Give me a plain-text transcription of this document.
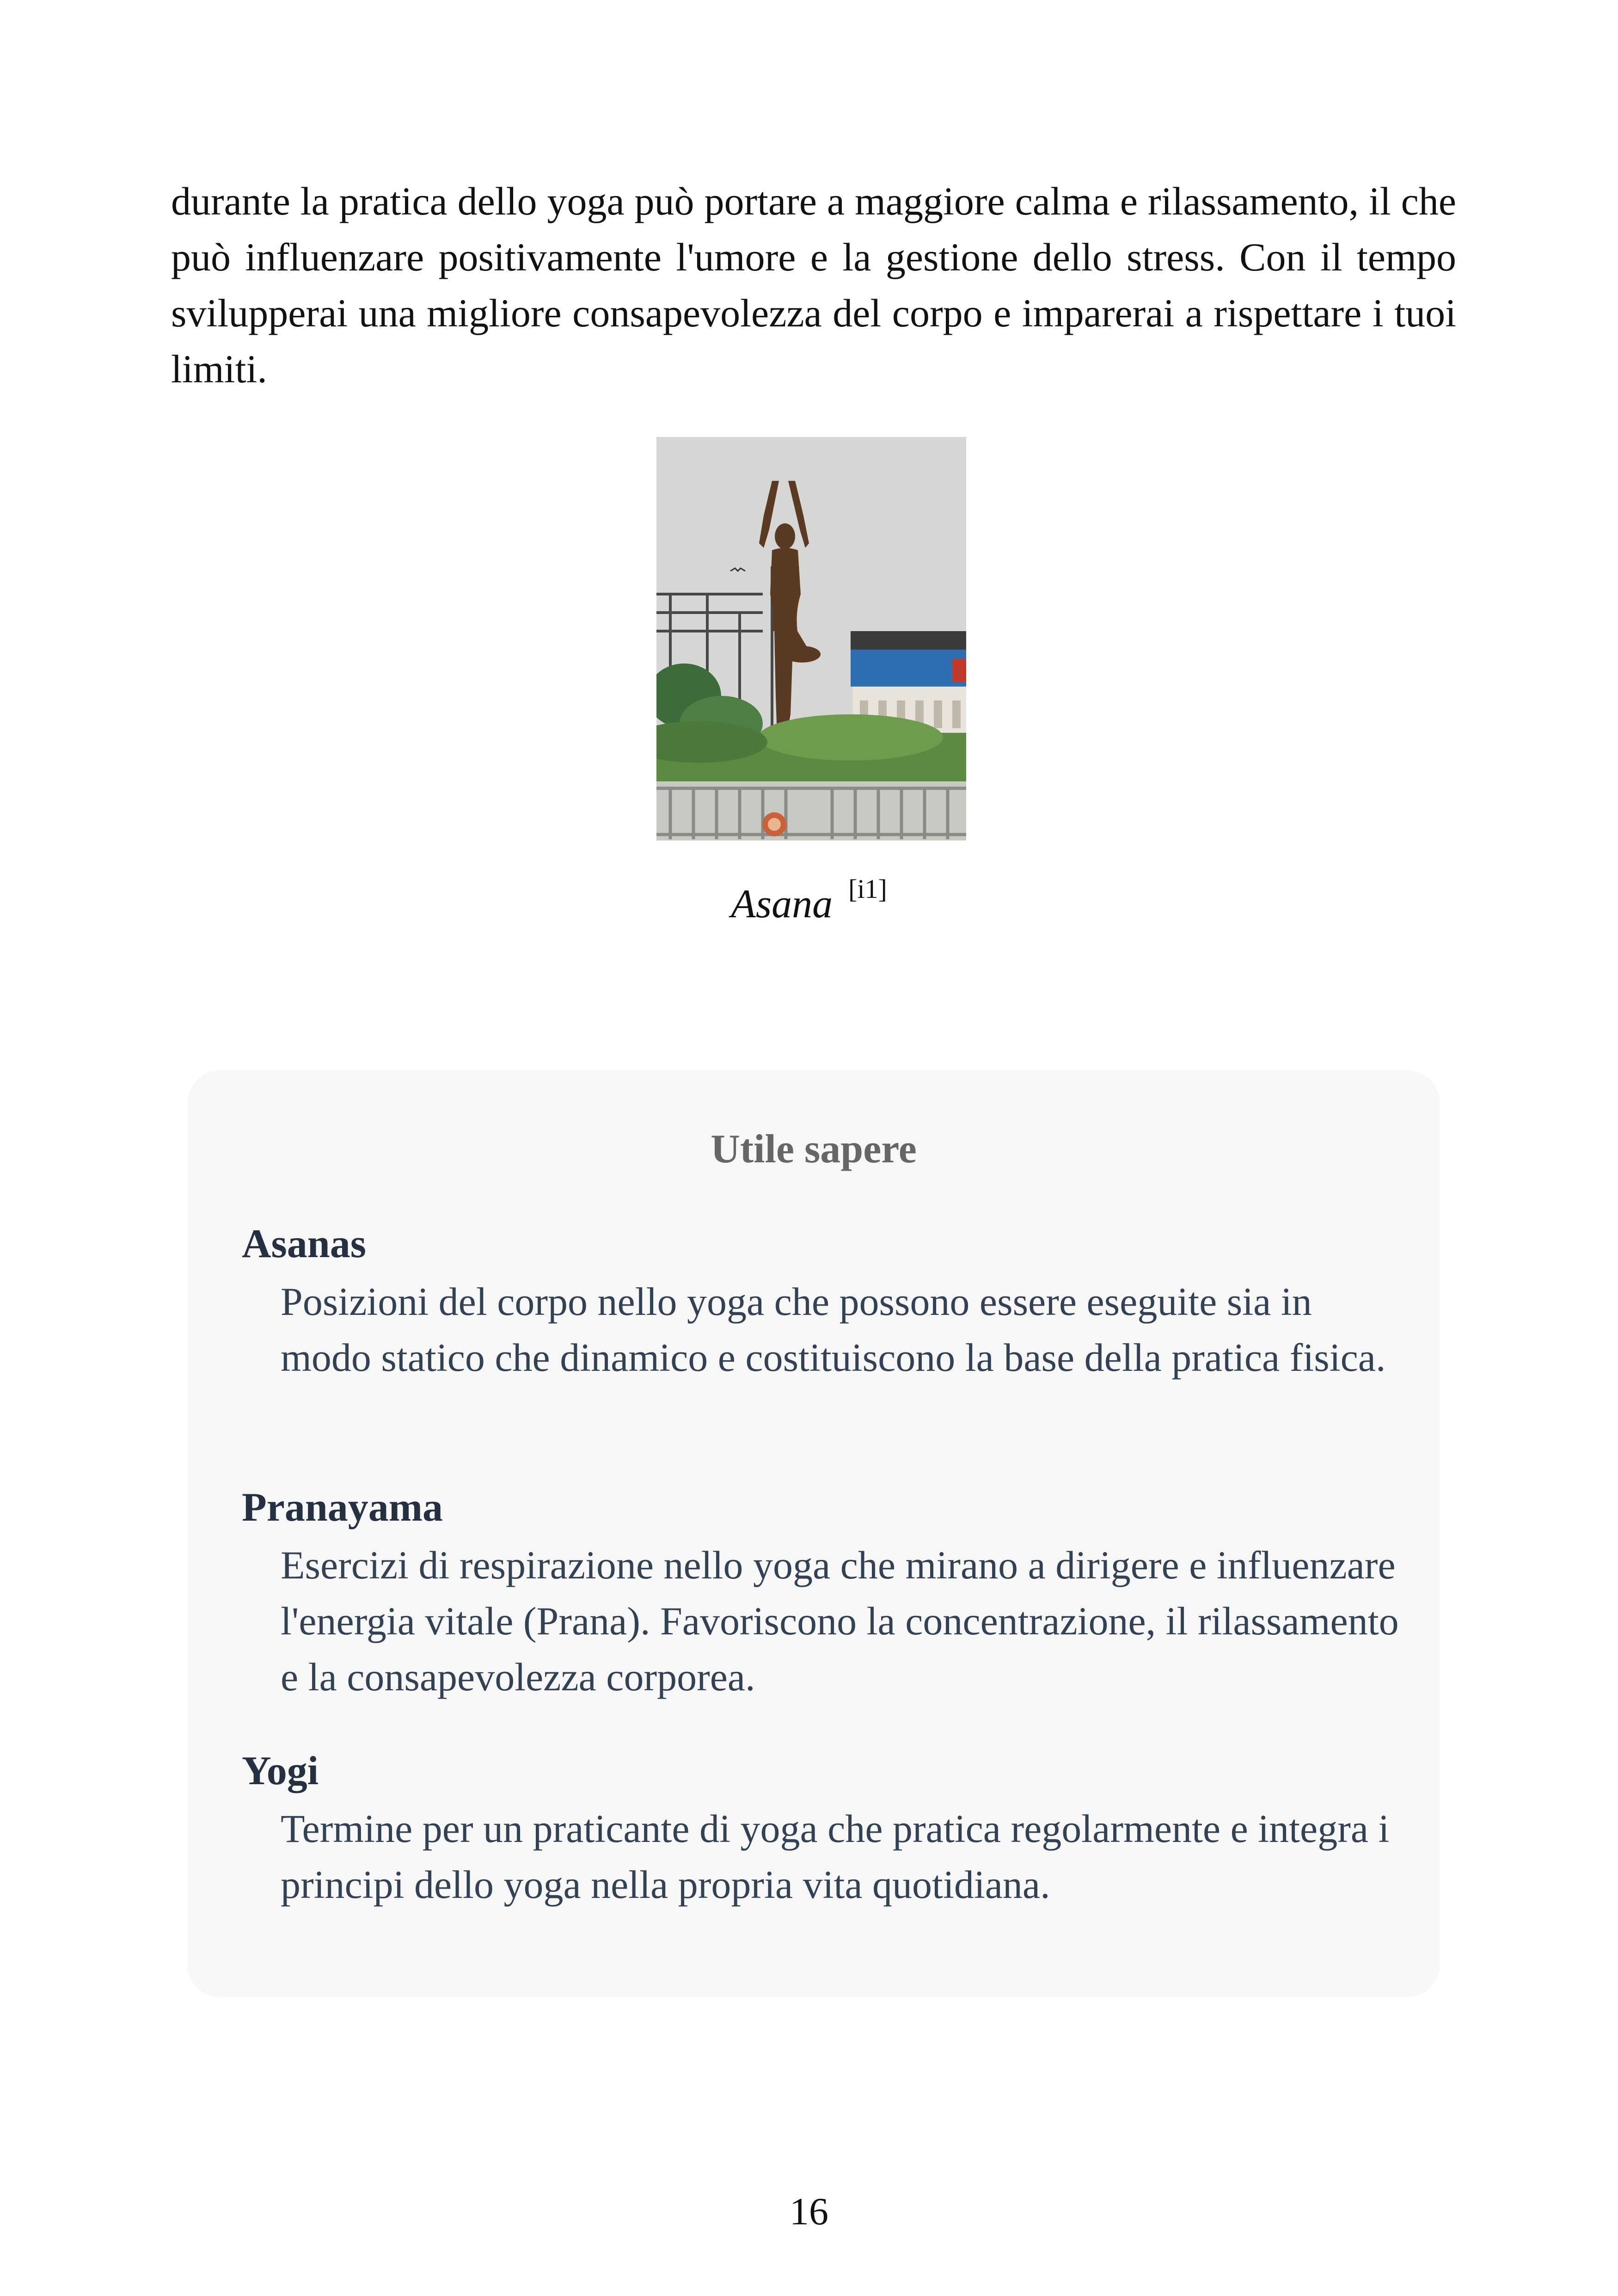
durante la pratica dello yoga può portare a maggiore calma e rilassamento, il che può influenzare positivamente l'umore e la gestione dello stress. Con il tempo svilupperai una migliore consapevolezza del corpo e imparerai a rispettare i tuoi limiti.

Asana [i1]
Utile sapere
Asanas

Posizioni del corpo nello yoga che possono essere eseguite sia in modo statico che dinamico e costituiscono la base della pratica fisica.

Pranayama

Esercizi di respirazione nello yoga che mirano a dirigere e influenzare l'energia vitale (Prana). Favoriscono la concentrazione, il rilassamento e la consapevolezza corporea.

Yogi

Termine per un praticante di yoga che pratica regolarmente e integra i principi dello yoga nella propria vita quotidiana.

16
